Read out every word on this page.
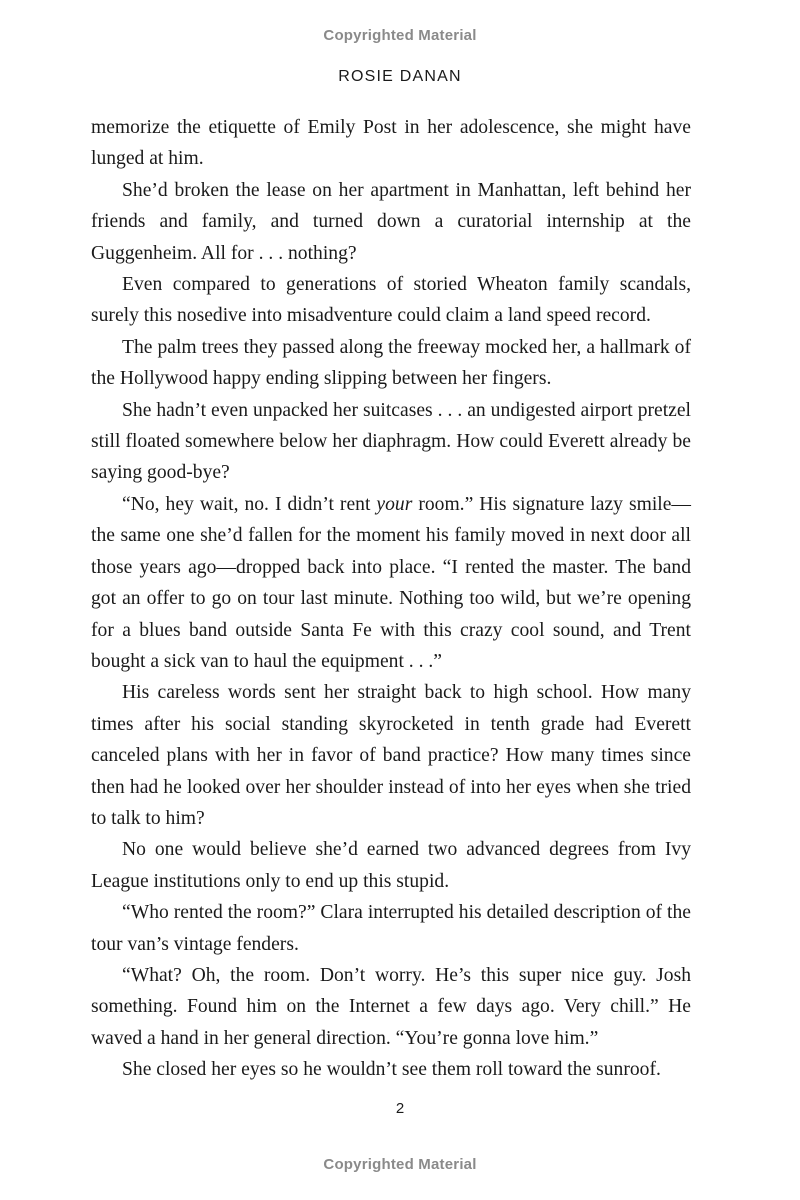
Copyrighted Material
ROSIE DANAN

memorize the etiquette of Emily Post in her adolescence, she might have lunged at him.

She’d broken the lease on her apartment in Manhattan, left behind her friends and family, and turned down a curatorial internship at the Guggenheim. All for . . . nothing?

Even compared to generations of storied Wheaton family scandals, surely this nosedive into misadventure could claim a land speed record.

The palm trees they passed along the freeway mocked her, a hallmark of the Hollywood happy ending slipping between her fingers.

She hadn’t even unpacked her suitcases . . . an undigested airport pretzel still floated somewhere below her diaphragm. How could Everett already be saying good-bye?

“No, hey wait, no. I didn’t rent your room.” His signature lazy smile—the same one she’d fallen for the moment his family moved in next door all those years ago—dropped back into place. “I rented the master. The band got an offer to go on tour last minute. Nothing too wild, but we’re opening for a blues band outside Santa Fe with this crazy cool sound, and Trent bought a sick van to haul the equipment . . .”

His careless words sent her straight back to high school. How many times after his social standing skyrocketed in tenth grade had Everett canceled plans with her in favor of band practice? How many times since then had he looked over her shoulder instead of into her eyes when she tried to talk to him?

No one would believe she’d earned two advanced degrees from Ivy League institutions only to end up this stupid.

“Who rented the room?” Clara interrupted his detailed description of the tour van’s vintage fenders.

“What? Oh, the room. Don’t worry. He’s this super nice guy. Josh something. Found him on the Internet a few days ago. Very chill.” He waved a hand in her general direction. “You’re gonna love him.”

She closed her eyes so he wouldn’t see them roll toward the sunroof.

2
Copyrighted Material
